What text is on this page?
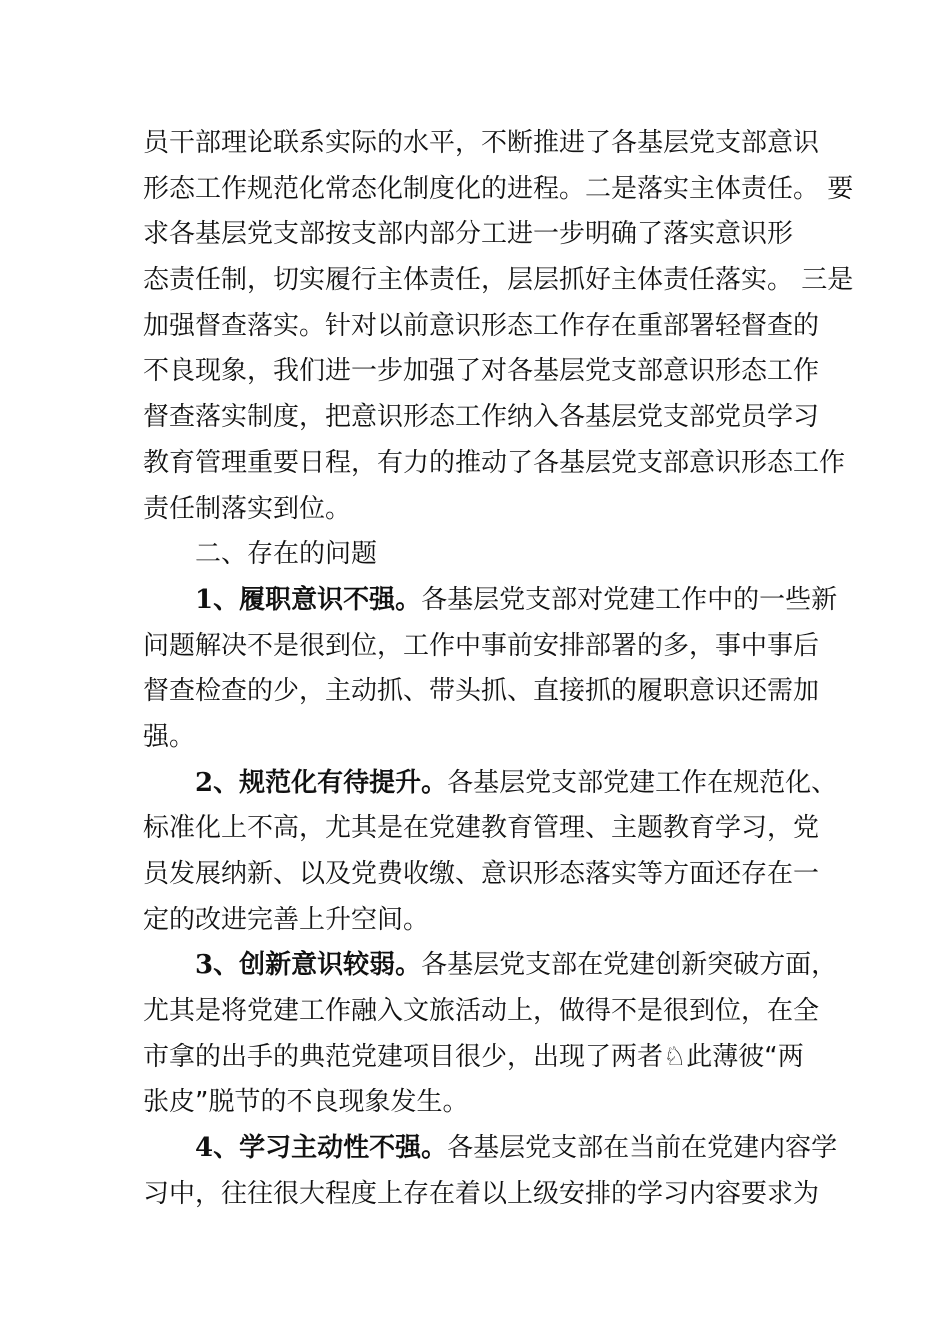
员干部理论联系实际的水平，不断推进了各基层党支部意识
形态工作规范化常态化制度化的进程。二是落实主体责任。 要
求各基层党支部按支部内部分工进一步明确了落实意识形
态责任制，切实履行主体责任，层层抓好主体责任落实。 三是
加强督查落实。针对以前意识形态工作存在重部署轻督查的
不良现象，我们进一步加强了对各基层党支部意识形态工作
督查落实制度，把意识形态工作纳入各基层党支部党员学习
教育管理重要日程，有力的推动了各基层党支部意识形态工作
责任制落实到位。
二、存在的问题
1、履职意识不强。各基层党支部对党建工作中的一些新
问题解决不是很到位，工作中事前安排部署的多，事中事后
督查检查的少，主动抓、带头抓、直接抓的履职意识还需加
强。
2、规范化有待提升。各基层党支部党建工作在规范化、
标准化上不高，尤其是在党建教育管理、主题教育学习，党
员发展纳新、以及党费收缴、意识形态落实等方面还存在一
定的改进完善上升空间。
3、创新意识较弱。各基层党支部在党建创新突破方面，
尤其是将党建工作融入文旅活动上，做得不是很到位，在全
市拿的出手的典范党建项目很少，出现了两者♘此薄彼“两
张皮”脱节的不良现象发生。
4、学习主动性不强。各基层党支部在当前在党建内容学
习中，往往很大程度上存在着以上级安排的学习内容要求为
